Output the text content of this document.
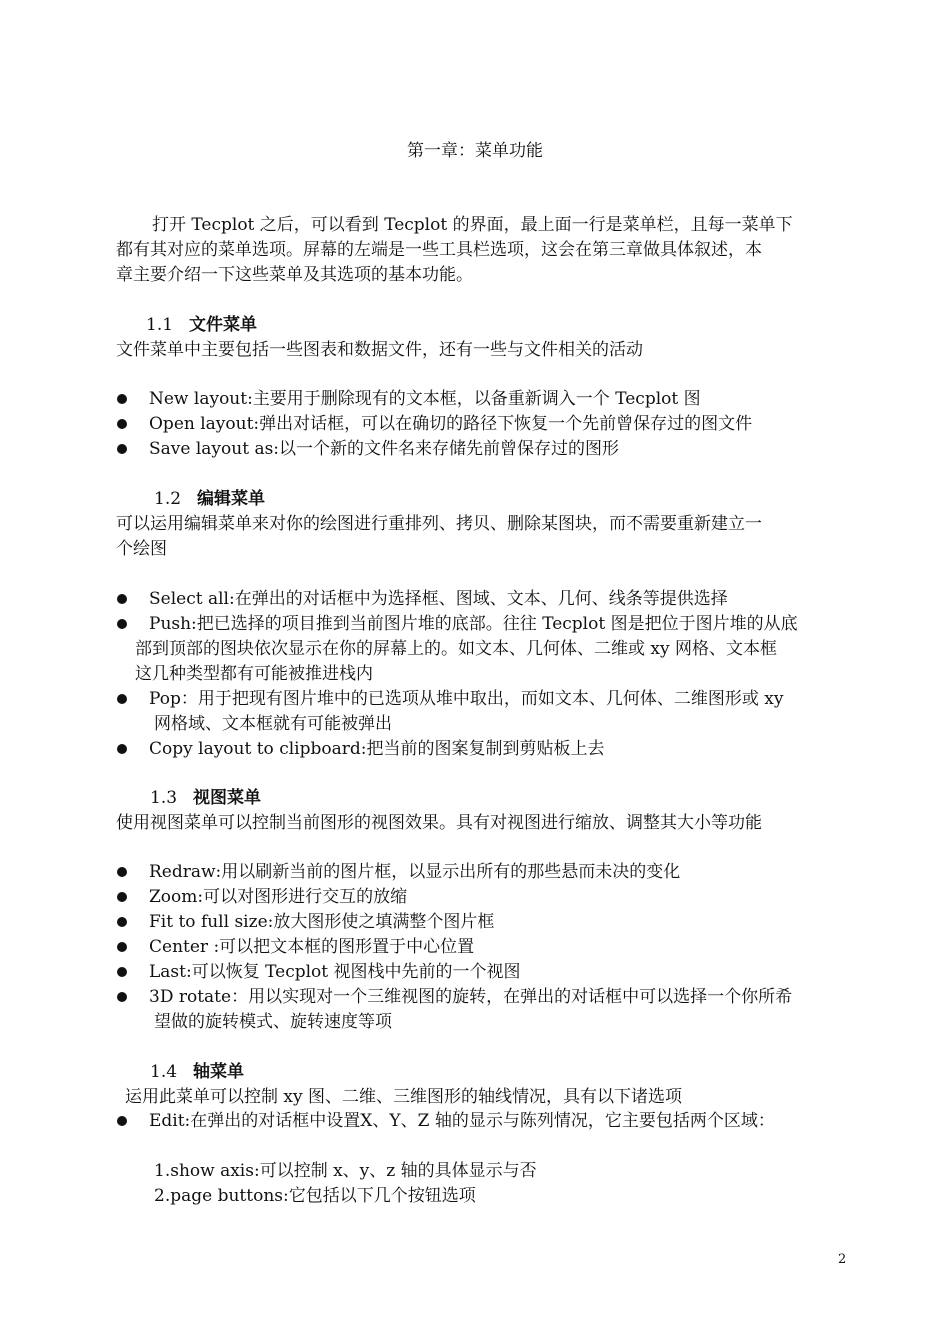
第一章：菜单功能
打开 Tecplot 之后，可以看到 Tecplot 的界面，最上面一行是菜单栏，且每一菜单下
都有其对应的菜单选项。屏幕的左端是一些工具栏选项，这会在第三章做具体叙述，本
章主要介绍一下这些菜单及其选项的基本功能。
1.1 文件菜单
文件菜单中主要包括一些图表和数据文件，还有一些与文件相关的活动
New layout:主要用于删除现有的文本框，以备重新调入一个 Tecplot 图
Open layout:弹出对话框，可以在确切的路径下恢复一个先前曾保存过的图文件
Save layout as:以一个新的文件名来存储先前曾保存过的图形
1.2 编辑菜单
可以运用编辑菜单来对你的绘图进行重排列、拷贝、删除某图块，而不需要重新建立一
个绘图
Select all:在弹出的对话框中为选择框、图域、文本、几何、线条等提供选择
Push:把已选择的项目推到当前图片堆的底部。往往 Tecplot 图是把位于图片堆的从底
部到顶部的图块依次显示在你的屏幕上的。如文本、几何体、二维或 xy 网格、文本框
这几种类型都有可能被推进栈内
Pop：用于把现有图片堆中的已选项从堆中取出，而如文本、几何体、二维图形或 xy
网格域、文本框就有可能被弹出
Copy layout to clipboard:把当前的图案复制到剪贴板上去
1.3 视图菜单
使用视图菜单可以控制当前图形的视图效果。具有对视图进行缩放、调整其大小等功能
Redraw:用以刷新当前的图片框，以显示出所有的那些悬而未决的变化
Zoom:可以对图形进行交互的放缩
Fit to full size:放大图形使之填满整个图片框
Center :可以把文本框的图形置于中心位置
Last:可以恢复 Tecplot 视图栈中先前的一个视图
3D rotate：用以实现对一个三维视图的旋转，在弹出的对话框中可以选择一个你所希
望做的旋转模式、旋转速度等项
1.4 轴菜单
运用此菜单可以控制 xy 图、二维、三维图形的轴线情况，具有以下诸选项
Edit:在弹出的对话框中设置X、Y、Z 轴的显示与陈列情况，它主要包括两个区域：
1.show axis:可以控制 x、y、z 轴的具体显示与否
2.page buttons:它包括以下几个按钮选项
2
